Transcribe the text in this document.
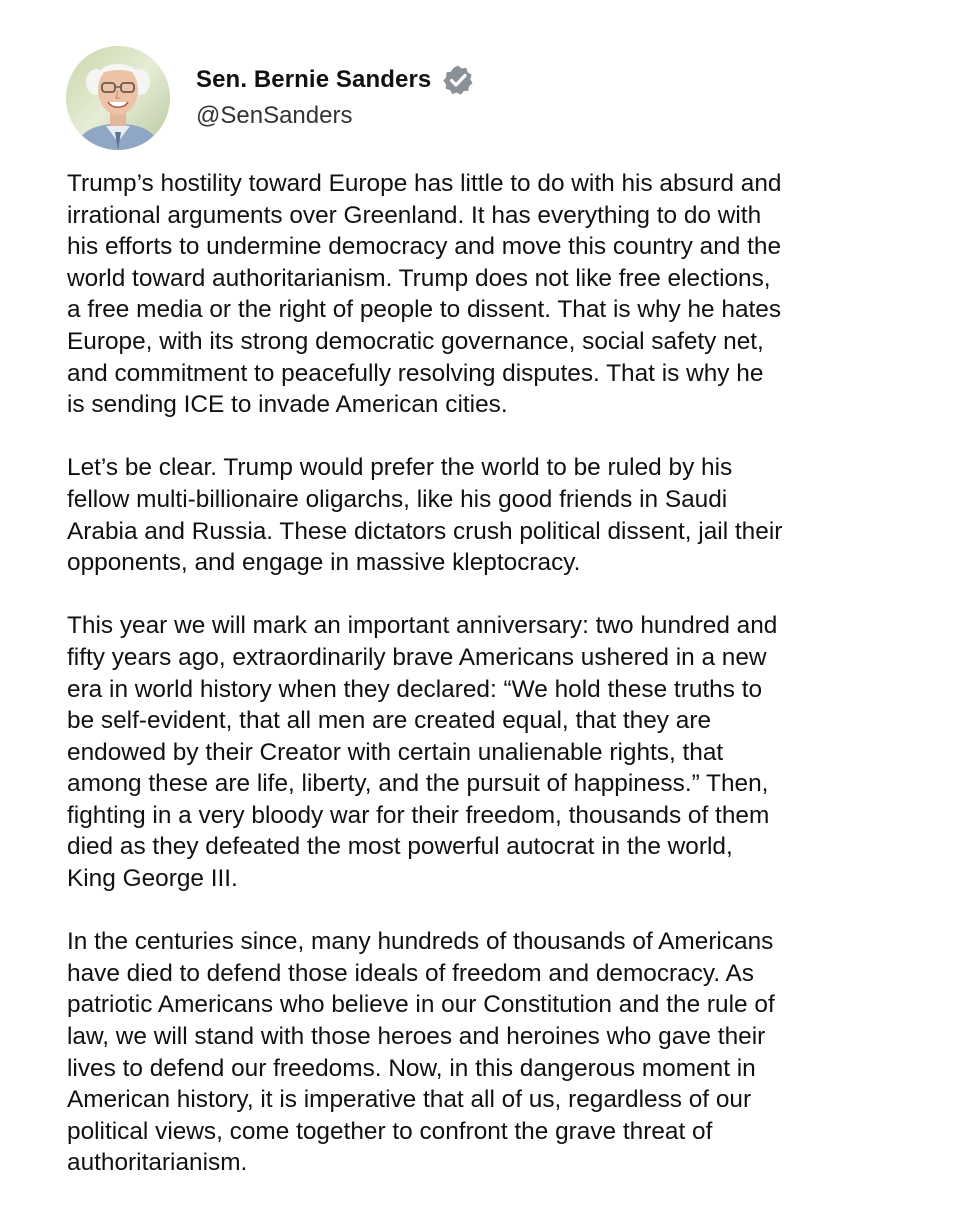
Sen. Bernie Sanders
@SenSanders

Trump’s hostility toward Europe has little to do with his absurd and
irrational arguments over Greenland. It has everything to do with
his efforts to undermine democracy and move this country and the
world toward authoritarianism. Trump does not like free elections,
a free media or the right of people to dissent. That is why he hates
Europe, with its strong democratic governance, social safety net,
and commitment to peacefully resolving disputes. That is why he
is sending ICE to invade American cities.

Let’s be clear. Trump would prefer the world to be ruled by his
fellow multi-billionaire oligarchs, like his good friends in Saudi
Arabia and Russia. These dictators crush political dissent, jail their
opponents, and engage in massive kleptocracy.

This year we will mark an important anniversary: two hundred and
fifty years ago, extraordinarily brave Americans ushered in a new
era in world history when they declared: “We hold these truths to
be self-evident, that all men are created equal, that they are
endowed by their Creator with certain unalienable rights, that
among these are life, liberty, and the pursuit of happiness.” Then,
fighting in a very bloody war for their freedom, thousands of them
died as they defeated the most powerful autocrat in the world,
King George III.

In the centuries since, many hundreds of thousands of Americans
have died to defend those ideals of freedom and democracy. As
patriotic Americans who believe in our Constitution and the rule of
law, we will stand with those heroes and heroines who gave their
lives to defend our freedoms. Now, in this dangerous moment in
American history, it is imperative that all of us, regardless of our
political views, come together to confront the grave threat of
authoritarianism.
